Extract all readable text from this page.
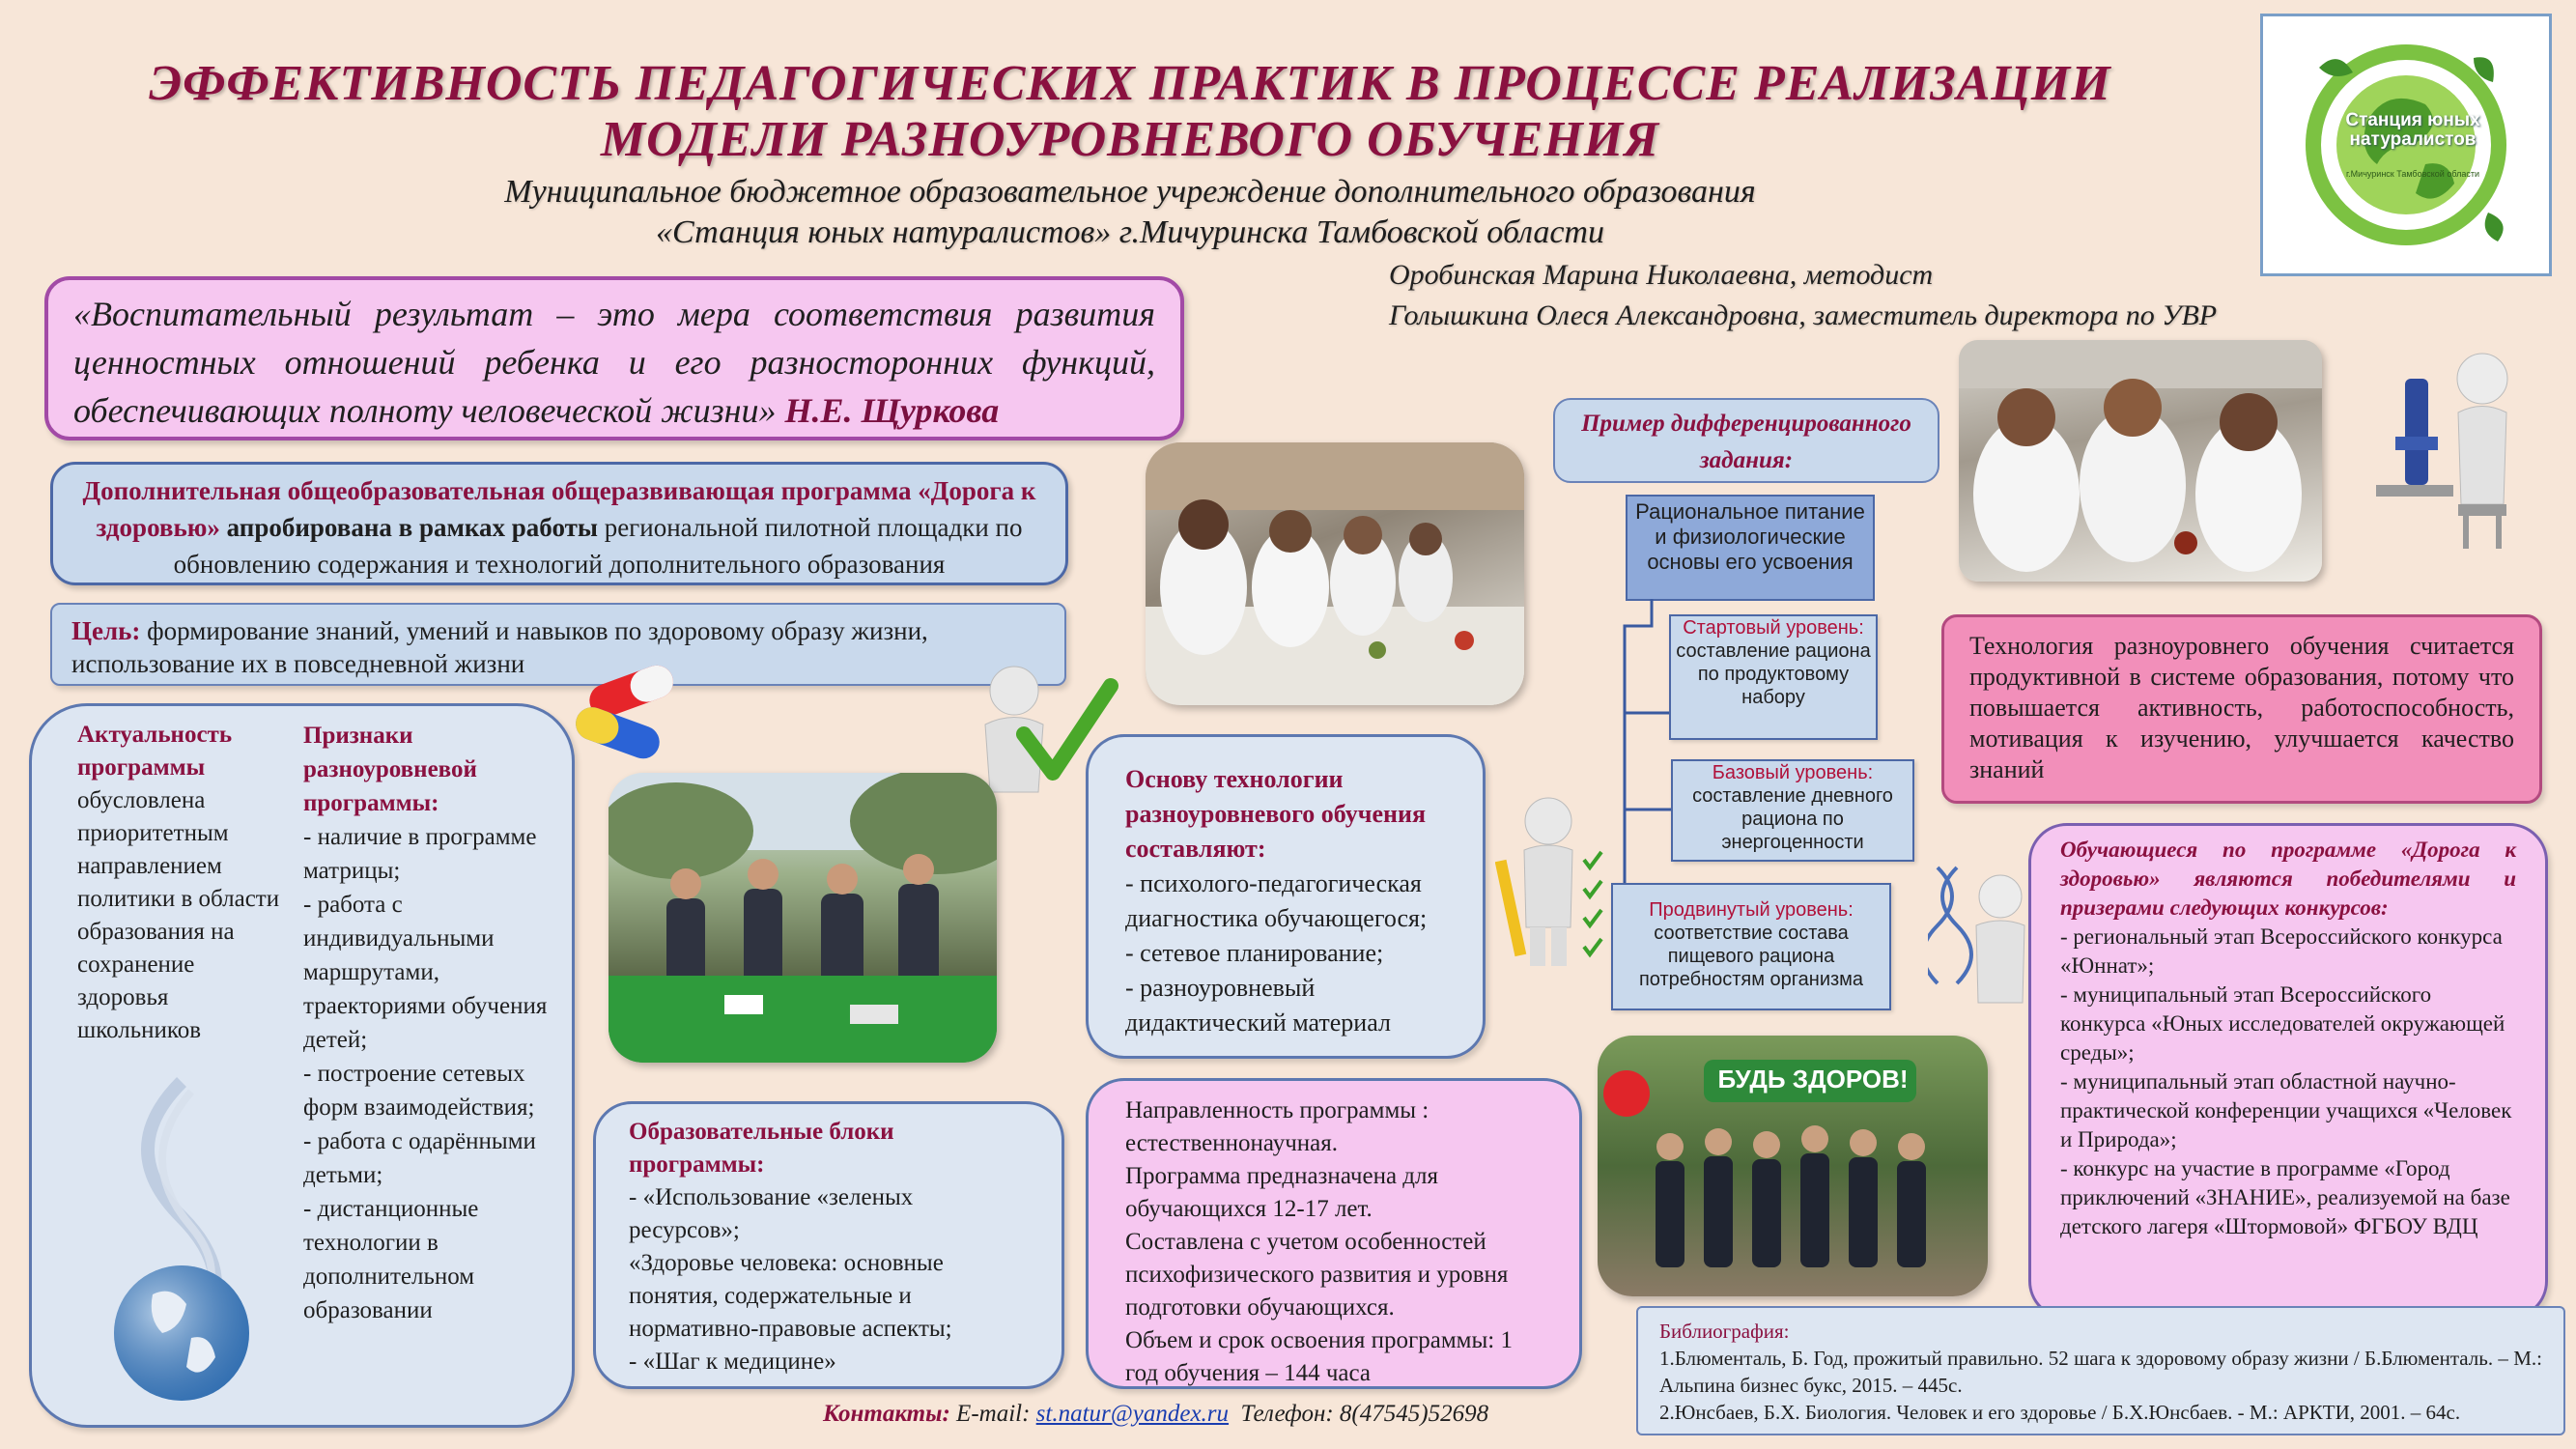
ЭФФЕКТИВНОСТЬ ПЕДАГОГИЧЕСКИХ ПРАКТИК В ПРОЦЕССЕ РЕАЛИЗАЦИИ МОДЕЛИ РАЗНОУРОВНЕВОГО ОБУЧЕНИЯ
Муниципальное бюджетное образовательное учреждение дополнительного образования
«Станция юных натуралистов» г.Мичуринска Тамбовской области
Оробинская Марина Николаевна, методист
Голышкина Олеся Александровна, заместитель директора по УВР
Станция юных натуралистов
г.Мичуринск Тамбовской области
«Воспитательный результат – это мера соответствия развития ценностных отношений ребенка и его разносторонних функций, обеспечивающих полноту человеческой жизни» Н.Е. Щуркова
Дополнительная общеобразовательная общеразвивающая программа «Дорога к здоровью» апробирована в рамках работы региональной пилотной площадки по обновлению содержания и технологий дополнительного образования
Цель: формирование знаний, умений и навыков по здоровому образу жизни, использование их в повседневной жизни
Актуальность программы
обусловлена приоритетным направлением политики в области образования на сохранение здоровья школьников
Признаки разноуровневой программы:
- наличие в программе матрицы;
- работа с индивидуальными маршрутами, траекториями обучения детей;
- построение сетевых форм взаимодействия;
- работа с одарёнными детьми;
- дистанционные технологии в дополнительном образовании
Основу технологии разноуровневого обучения составляют:
- психолого-педагогическая диагностика обучающегося;
- сетевое планирование;
- разноуровневый дидактический материал
Образовательные блоки программы:
- «Использование «зеленых ресурсов»;
«Здоровье человека: основные понятия, содержательные и нормативно-правовые аспекты;
- «Шаг к медицине»
Направленность программы : естественнонаучная.
Программа предназначена для обучающихся 12-17 лет.
Составлена с учетом особенностей психофизического развития и уровня подготовки обучающихся.
Объем и срок освоения программы: 1 год обучения – 144 часа
Пример дифференцированного задания:
Рациональное питание и физиологические основы его усвоения
Стартовый уровень:
составление рациона по продуктовому набору
Базовый уровень:
составление дневного рациона по энергоценности
Продвинутый уровень:
соответствие состава пищевого рациона потребностям организма
Технология разноуровнего обучения считается продуктивной в системе образования, потому что повышается активность, работоспособность, мотивация к изучению, улучшается качество знаний
Обучающиеся по программе «Дорога к здоровью» являются победителями и призерами следующих конкурсов:
- региональный этап Всероссийского конкурса «Юннат»;
- муниципальный этап Всероссийского конкурса «Юных исследователей окружающей среды»;
- муниципальный этап областной научно-практической конференции учащихся «Человек и Природа»;
- конкурс на участие в программе «Город приключений «ЗНАНИЕ», реализуемой на базе детского лагеря «Штормовой» ФГБОУ ВДЦ
БУДЬ ЗДОРОВ!
Библиография:
1.Блюменталь, Б. Год, прожитый правильно. 52 шага к здоровому образу жизни / Б.Блюменталь. – М.: Альпина бизнес букс, 2015. – 445с.
2.Юнсбаев, Б.Х. Биология. Человек и его здоровье / Б.Х.Юнсбаев. - М.: АРКТИ, 2001. – 64с.
Контакты: E-mail: st.natur@yandex.ru Телефон: 8(47545)52698
